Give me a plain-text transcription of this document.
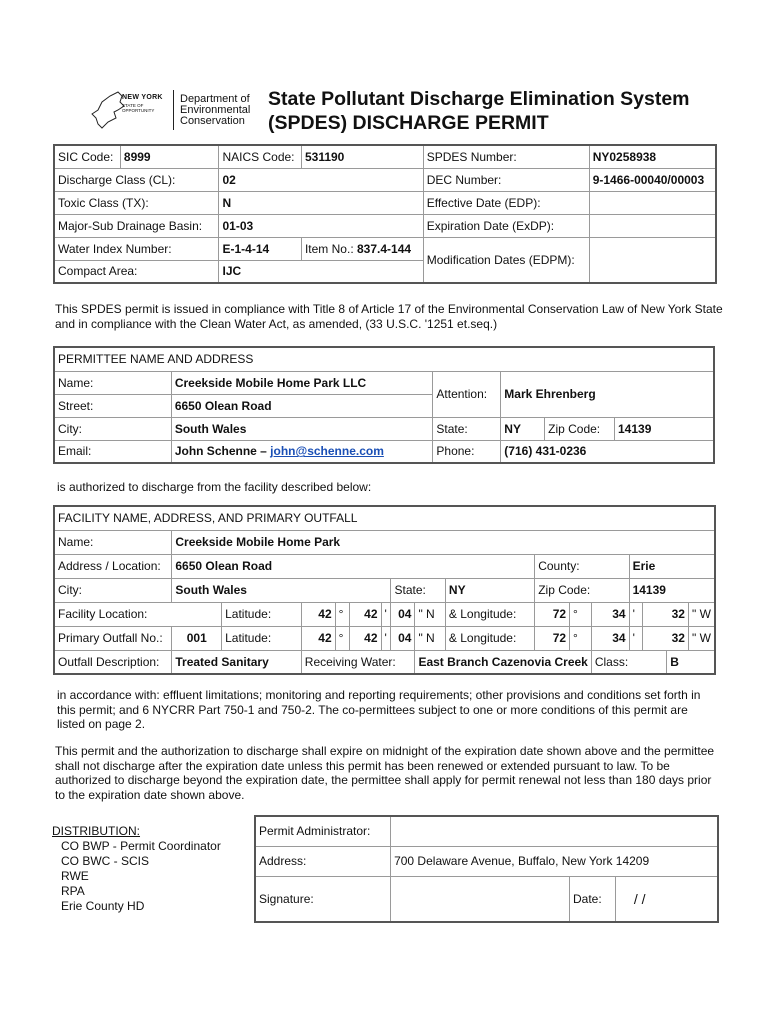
NEW YORK
STATE OF OPPORTUNITY
Department of
Environmental
Conservation
State Pollutant Discharge Elimination System
(SPDES) DISCHARGE PERMIT
SIC Code:	8999	NAICS Code:	531190	SPDES Number:	NY0258938
Discharge Class (CL):		02		DEC Number:	9-1466-00040/00003
Toxic Class (TX):		N		Effective Date (EDP):	
Major-Sub Drainage Basin:		01-03		Expiration Date (ExDP):	
Water Index Number:		E-1-4-14	Item No.: 837.4-144	Modification Dates (EDPM):	
Compact Area:		IJC			
This SPDES permit is issued in compliance with Title 8 of Article 17 of the Environmental Conservation Law of New York State and in compliance with the Clean Water Act, as amended, (33 U.S.C. '1251 et.seq.)
PERMITTEE NAME AND ADDRESS					
Name:	Creekside Mobile Home Park LLC	Attention:	Mark Ehrenberg		
Street:	6650 Olean Road				
City:	South Wales	State:	NY	Zip Code:	14139
Email:	John Schenne – john@schenne.com	Phone:	(716) 431-0236		
is authorized to discharge from the facility described below:
FACILITY NAME, ADDRESS, AND PRIMARY OUTFALL																
Name:	Creekside Mobile Home Park															
Address / Location:	6650 Olean Road									County:			Erie			
City:	South Wales						State:		NY	Zip Code:			14139			
Facility Location:		Latitude:	42	°	42	'	04	" N	& Longitude:	72	°	34	'	32		" W
Primary Outfall No.:	001	Latitude:	42	°	42	'	04	" N	& Longitude:	72	°	34	'	32		" W
Outfall Description:	Treated Sanitary		Receiving Water:					East Branch Cazenovia Creek				Class:			B	
in accordance with: effluent limitations; monitoring and reporting requirements; other provisions and conditions set forth in this permit; and 6 NYCRR Part 750-1 and 750-2. The co-permittees subject to one or more conditions of this permit are listed on page 2.
This permit and the authorization to discharge shall expire on midnight of the expiration date shown above and the permittee shall not discharge after the expiration date unless this permit has been renewed or extended pursuant to law. To be authorized to discharge beyond the expiration date, the permittee shall apply for permit renewal not less than 180 days prior to the expiration date shown above.
DISTRIBUTION:
CO BWP - Permit Coordinator
CO BWC - SCIS
RWE
RPA
Erie County HD
Permit Administrator:			
Address:	700 Delaware Avenue, Buffalo, New York 14209		
Signature:		Date:	/ /
